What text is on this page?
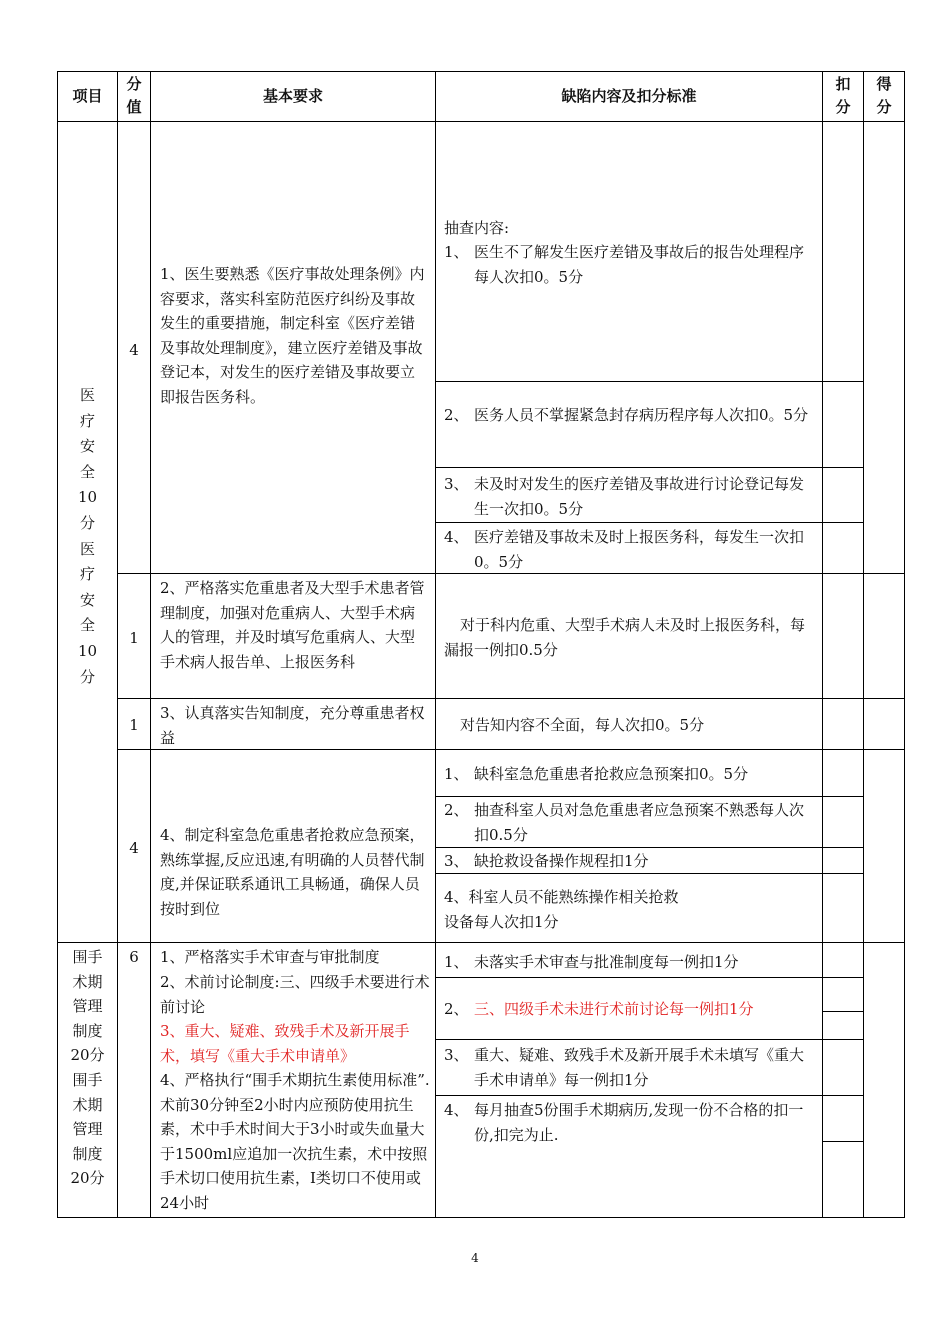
项目
分
值
基本要求	缺陷内容及扣分标准
扣
分
得
分
医
疗
安
全
10
分
医
疗
安
全
10
分
4
1、医生要熟悉《医疗事故处理条例》内容要求，落实科室防范医疗纠纷及事故发生的重要措施，制定科室《医疗差错及事故处理制度》，建立医疗差错及事故登记本，对发生的医疗差错及事故要立即报告医务科。
抽查内容:
1、 医生不了解发生医疗差错及事故后的报告处理程序每人次扣0。5分
2、 医务人员不掌握紧急封存病历程序每人次扣0。5分
3、 未及时对发生的医疗差错及事故进行讨论登记每发生一次扣0。5分
4、 医疗差错及事故未及时上报医务科，每发生一次扣0。5分
1
2、严格落实危重患者及大型手术患者管理制度，加强对危重病人、大型手术病人的管理，并及时填写危重病人、大型手术病人报告单、上报医务科
对于科内危重、大型手术病人未及时上报医务科，每漏报一例扣0.5分
1
3、认真落实告知制度，充分尊重患者权益
对告知内容不全面，每人次扣0。5分
4
4、制定科室急危重患者抢救应急预案，熟练掌握,反应迅速,有明确的人员替代制度,并保证联系通讯工具畅通，确保人员按时到位
1、 缺科室急危重患者抢救应急预案扣0。5分
2、 抽查科室人员对急危重患者应急预案不熟悉每人次扣0.5分
3、 缺抢救设备操作规程扣1分
4、科室人员不能熟练操作相关抢救
设备每人次扣1分
围手
术期
管理
制度
20分
围手
术期
管理
制度
20分
6	1、严格落实手术审查与审批制度
2、术前讨论制度:三、四级手术要进行术前讨论
3、重大、疑难、致残手术及新开展手术，填写《重大手术申请单》
4、严格执行“围手术期抗生素使用标准”.术前30分钟至2小时内应预防使用抗生素，术中手术时间大于3小时或失血量大于1500ml应追加一次抗生素，术中按照手术切口使用抗生素，Ⅰ类切口不使用或24小时
1、 未落实手术审查与批准制度每一例扣1分
2、 三、四级手术未进行术前讨论每一例扣1分
3、 重大、疑难、致残手术及新开展手术未填写《重大手术申请单》每一例扣1分
4、 每月抽查5份围手术期病历,发现一份不合格的扣一份,扣完为止.
4
